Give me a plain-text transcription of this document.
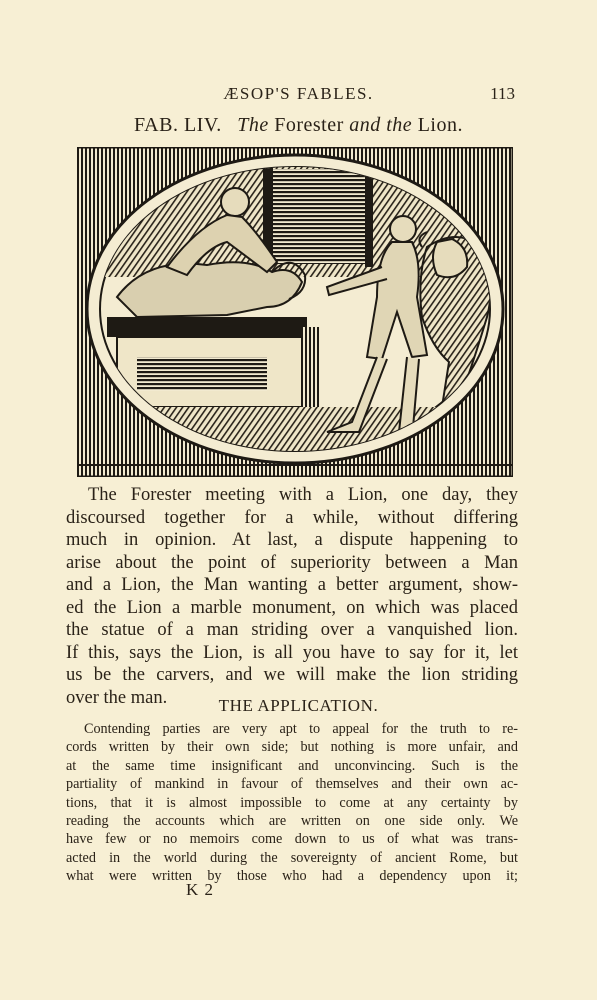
ÆSOP'S FABLES.	113
FAB. LIV. The Forester and the Lion.
The Forester meeting with a Lion, one day, they
discoursed together for a while, without differing
much in opinion. At last, a dispute happening to
arise about the point of superiority between a Man
and a Lion, the Man wanting a better argument, show-
ed the Lion a marble monument, on which was placed
the statue of a man striding over a vanquished lion.
If this, says the Lion, is all you have to say for it, let
us be the carvers, and we will make the lion striding
over the man.	THE APPLICATION.
Contending parties are very apt to appeal for the truth to re-
cords written by their own side; but nothing is more unfair, and
at the same time insignificant and unconvincing. Such is the
partiality of mankind in favour of themselves and their own ac-
tions, that it is almost impossible to come at any certainty by
reading the accounts which are written on one side only. We
have few or no memoirs come down to us of what was trans-
acted in the world during the sovereignty of ancient Rome, but
what were written by those who had a dependency upon it;
K 2
